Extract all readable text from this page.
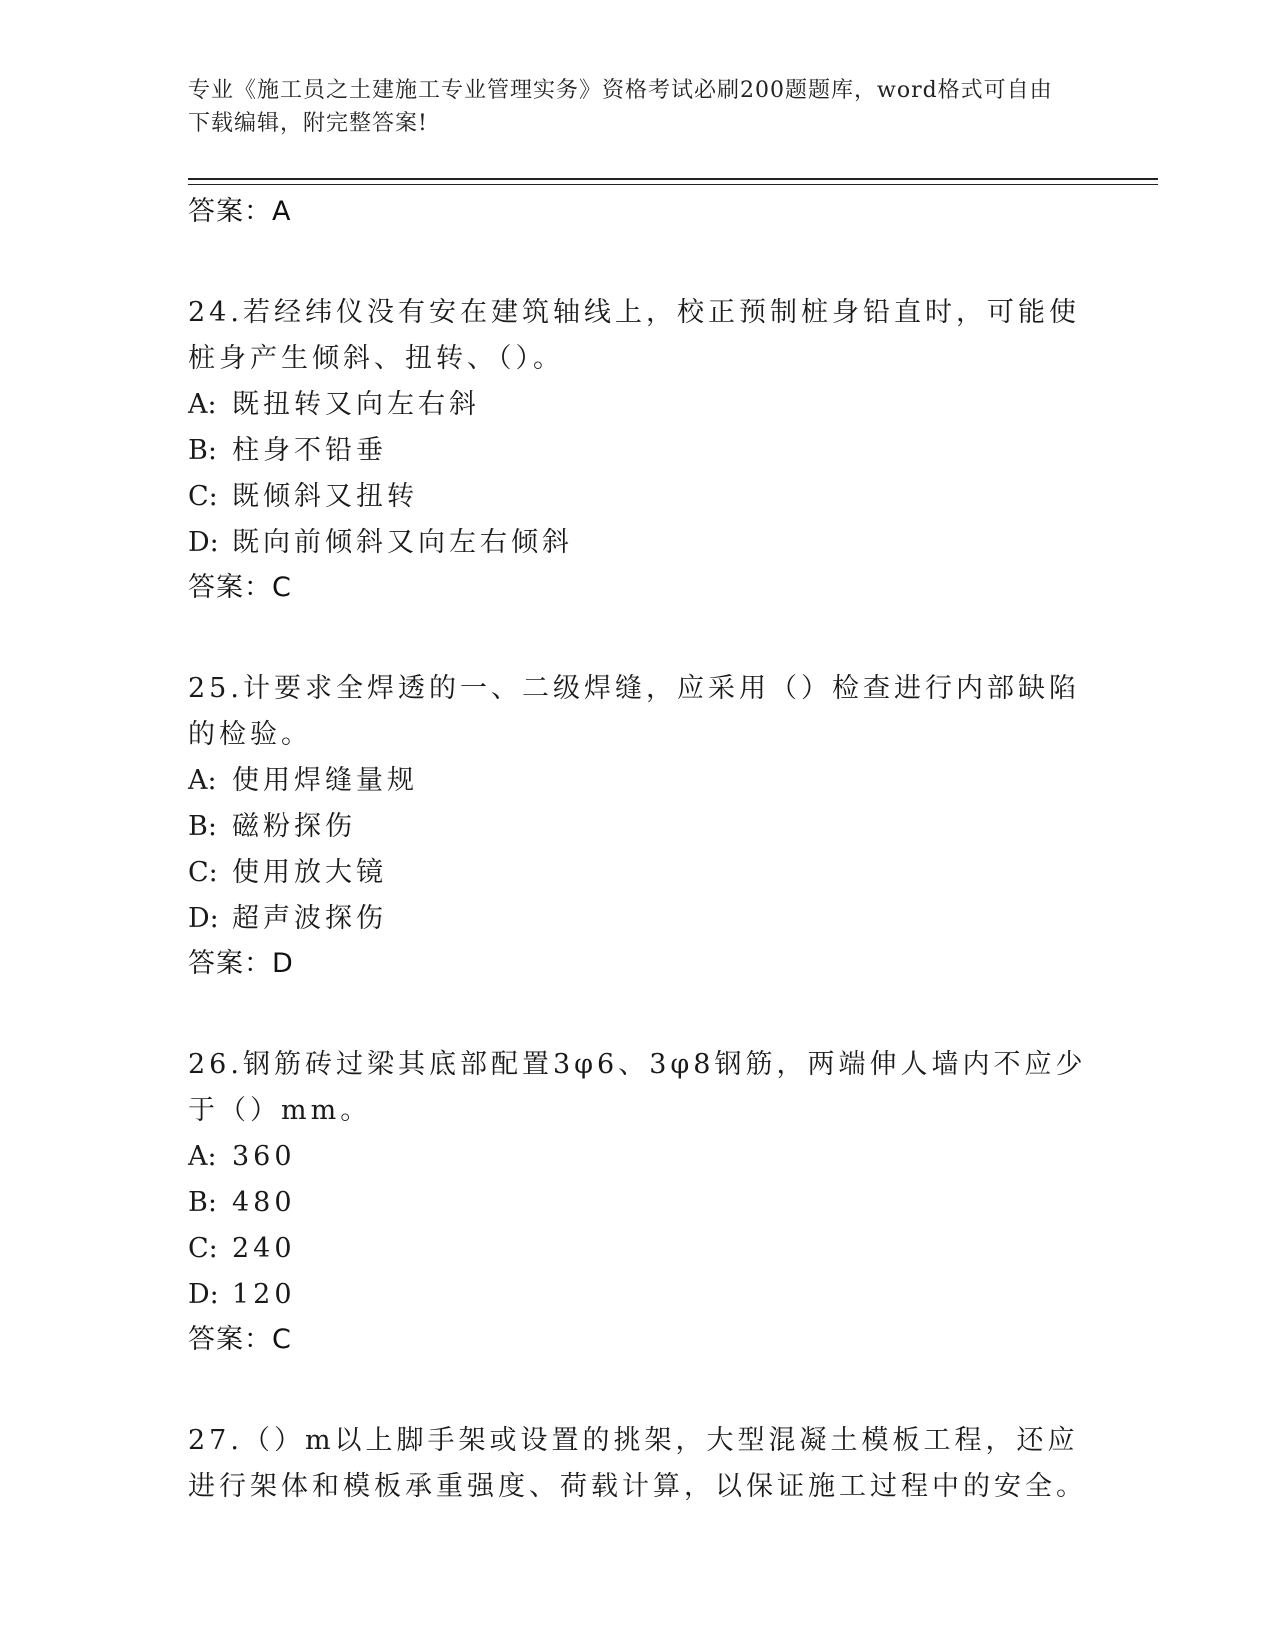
专业《施工员之土建施工专业管理实务》资格考试必刷200题题库，word格式可自由下载编辑，附完整答案!
答案：A
24.若经纬仪没有安在建筑轴线上，校正预制桩身铅直时，可能使桩身产生倾斜、扭转、（）。
A: 既扭转又向左右斜
B: 柱身不铅垂
C: 既倾斜又扭转
D: 既向前倾斜又向左右倾斜
答案：C
25.计要求全焊透的一、二级焊缝，应采用（）检查进行内部缺陷的检验。
A: 使用焊缝量规
B: 磁粉探伤
C: 使用放大镜
D: 超声波探伤
答案：D
26.钢筋砖过梁其底部配置3φ6、3φ8钢筋，两端伸人墙内不应少于（）mm。
A: 360
B: 480
C: 240
D: 120
答案：C
27.（）m以上脚手架或设置的挑架，大型混凝土模板工程，还应进行架体和模板承重强度、荷载计算，以保证施工过程中的安全。
